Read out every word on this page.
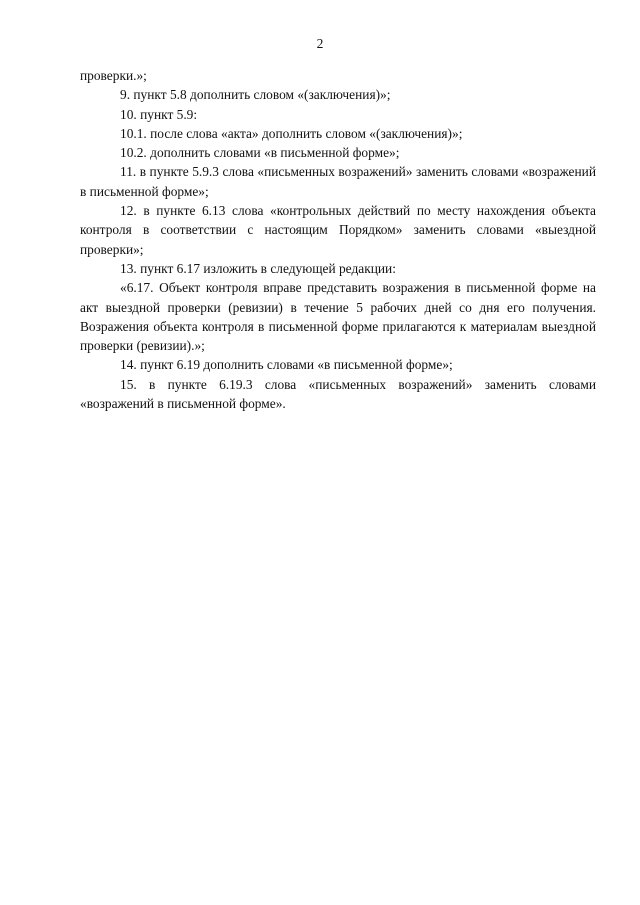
2

проверки.»;

9. пункт 5.8 дополнить словом «(заключения)»;

10. пункт 5.9:

10.1. после слова «акта» дополнить словом «(заключения)»;

10.2. дополнить словами «в письменной форме»;

11. в пункте 5.9.3 слова «письменных возражений» заменить словами «возражений в письменной форме»;

12. в пункте 6.13 слова «контрольных действий по месту нахождения объекта контроля в соответствии с настоящим Порядком» заменить словами «выездной проверки»;

13. пункт 6.17 изложить в следующей редакции:

«6.17. Объект контроля вправе представить возражения в письменной форме на акт выездной проверки (ревизии) в течение 5 рабочих дней со дня его получения. Возражения объекта контроля в письменной форме прилагаются к материалам выездной проверки (ревизии).»;

14. пункт 6.19 дополнить словами «в письменной форме»;

15. в пункте 6.19.3 слова «письменных возражений» заменить словами «возражений в письменной форме».
